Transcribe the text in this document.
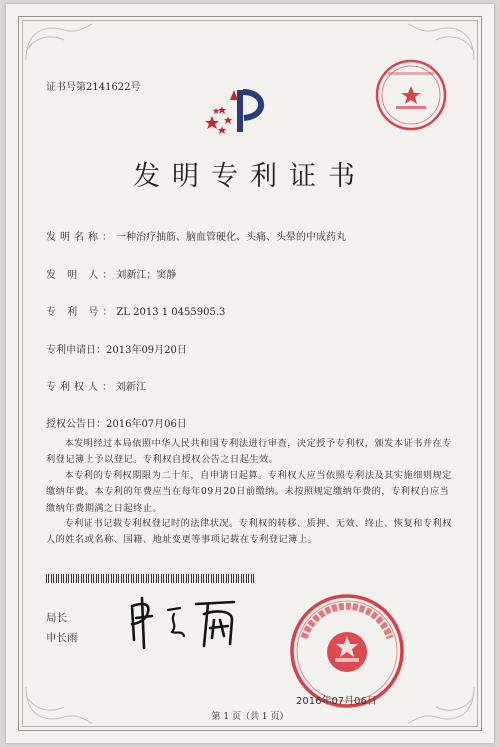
证书号第2141622号
发明专利证书
发明名称：一种治疗抽筋、脑血管硬化、头痛、头晕的中成药丸
发 明 人：刘新江；窦静
专 利 号：ZL 2013 1 0455905.3
专利申请日：2013年09月20日
专利权人：刘新江
授权公告日：2016年07月06日
本发明经过本局依照中华人民共和国专利法进行审查，决定授予专利权，颁发本证书并在专利登记簿上予以登记。专利权自授权公告之日起生效。
本专利的专利权期限为二十年，自申请日起算。专利权人应当依照专利法及其实施细则规定缴纳年费。本专利的年费应当在每年09月20日前缴纳。未按照规定缴纳年费的，专利权自应当缴纳年费期满之日起终止。
专利证书记载专利权登记时的法律状况。专利权的转移、质押、无效、终止、恢复和专利权人的姓名或名称、国籍、地址变更等事项记载在专利登记簿上。
局长
申长雨
2016年07月06日
第 1 页（共 1 页）
